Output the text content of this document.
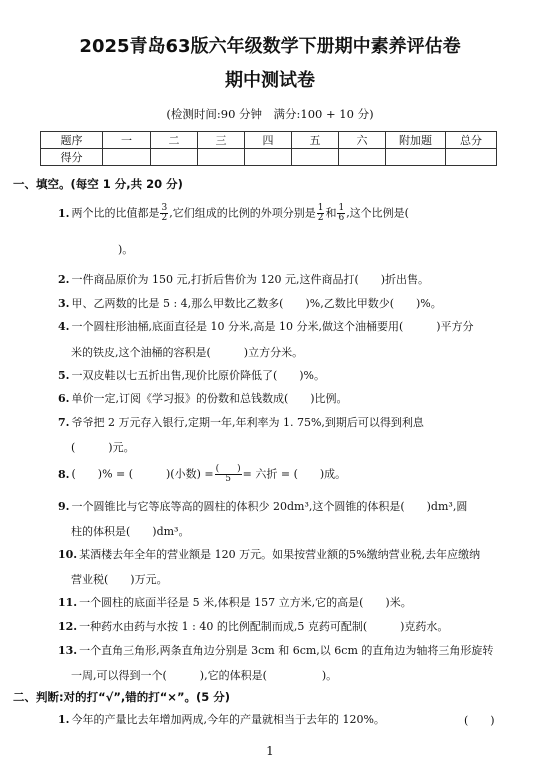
2025青岛63版六年级数学下册期中素养评估卷
期中测试卷
(检测时间:90 分钟　满分:100 + 10 分)
题序	一	二	三	四	五	六	附加题	总分
得分								
一、填空。(每空 1 分,共 20 分)
1. 两个比的比值都是 $\frac{3}{2}$ ,它们组成的比例的外项分别是 $\frac{1}{2}$ 和 $\frac{1}{6}$ ,这个比例是(
)。
2. 一件商品原价为 150 元,打折后售价为 120 元,这件商品打(　　)折出售。
3. 甲、乙两数的比是 5 : 4,那么甲数比乙数多(　　)%,乙数比甲数少(　　)%。
4. 一个圆柱形油桶,底面直径是 10 分米,高是 10 分米,做这个油桶要用(　　　)平方分
米的铁皮,这个油桶的容积是(　　　)立方分米。
5. 一双皮鞋以七五折出售,现价比原价降低了(　　)%。
6. 单价一定,订阅《学习报》的份数和总钱数成(　　)比例。
7. 爷爷把 2 万元存入银行,定期一年,年利率为 1. 75%,到期后可以得到利息
(　　　)元。
8. (　　)% = (　　　)(小数) = $\frac{( )}{5}$ = 六折 = (　　)成。
9. 一个圆锥比与它等底等高的圆柱的体积少 20dm³,这个圆锥的体积是(　　)dm³,圆
柱的体积是(　　)dm³。
10. 某酒楼去年全年的营业额是 120 万元。如果按营业额的5%缴纳营业税,去年应缴纳
营业税(　　)万元。
11. 一个圆柱的底面半径是 5 米,体积是 157 立方米,它的高是(　　)米。
12. 一种药水由药与水按 1 : 40 的比例配制而成,5 克药可配制(　　　)克药水。
13. 一个直角三角形,两条直角边分别是 3cm 和 6cm,以 6cm 的直角边为轴将三角形旋转
一周,可以得到一个(　　　),它的体积是(　　　　　)。
二、判断:对的打“√”,错的打“×”。(5 分)
1. 今年的产量比去年增加两成,今年的产量就相当于去年的 120%。	(　　)
1
